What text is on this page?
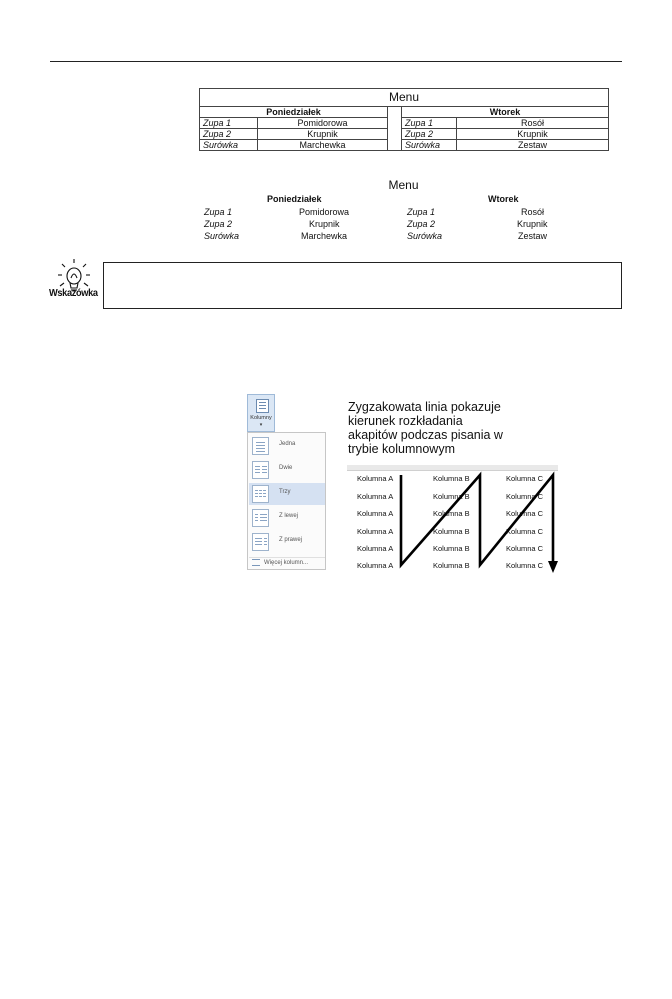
Menu				
Poniedziałek			Wtorek	
Zupa 1	Pomidorowa		Zupa 1	Rosół
Zupa 2	Krupnik		Zupa 2	Krupnik
Surówka	Marchewka		Surówka	Zestaw
Menu
Poniedziałek	Wtorek
Zupa 1	Pomidorowa	Zupa 1	Rosół
Zupa 2	Krupnik	Zupa 2	Krupnik
Surówka	Marchewka	Surówka	Zestaw
Wskazówka
Kolumny
▾
Jedna
Dwie
Trzy
Z lewej
Z prawej
Więcej kolumn...
Zygzakowata linia pokazuje
kierunek rozkładania
akapitów podczas pisania w
trybie kolumnowym
Kolumna A
Kolumna A
Kolumna A
Kolumna A
Kolumna A
Kolumna A
Kolumna B
Kolumna B
Kolumna B
Kolumna B
Kolumna B
Kolumna B
Kolumna C
Kolumna C
Kolumna C
Kolumna C
Kolumna C
Kolumna C
